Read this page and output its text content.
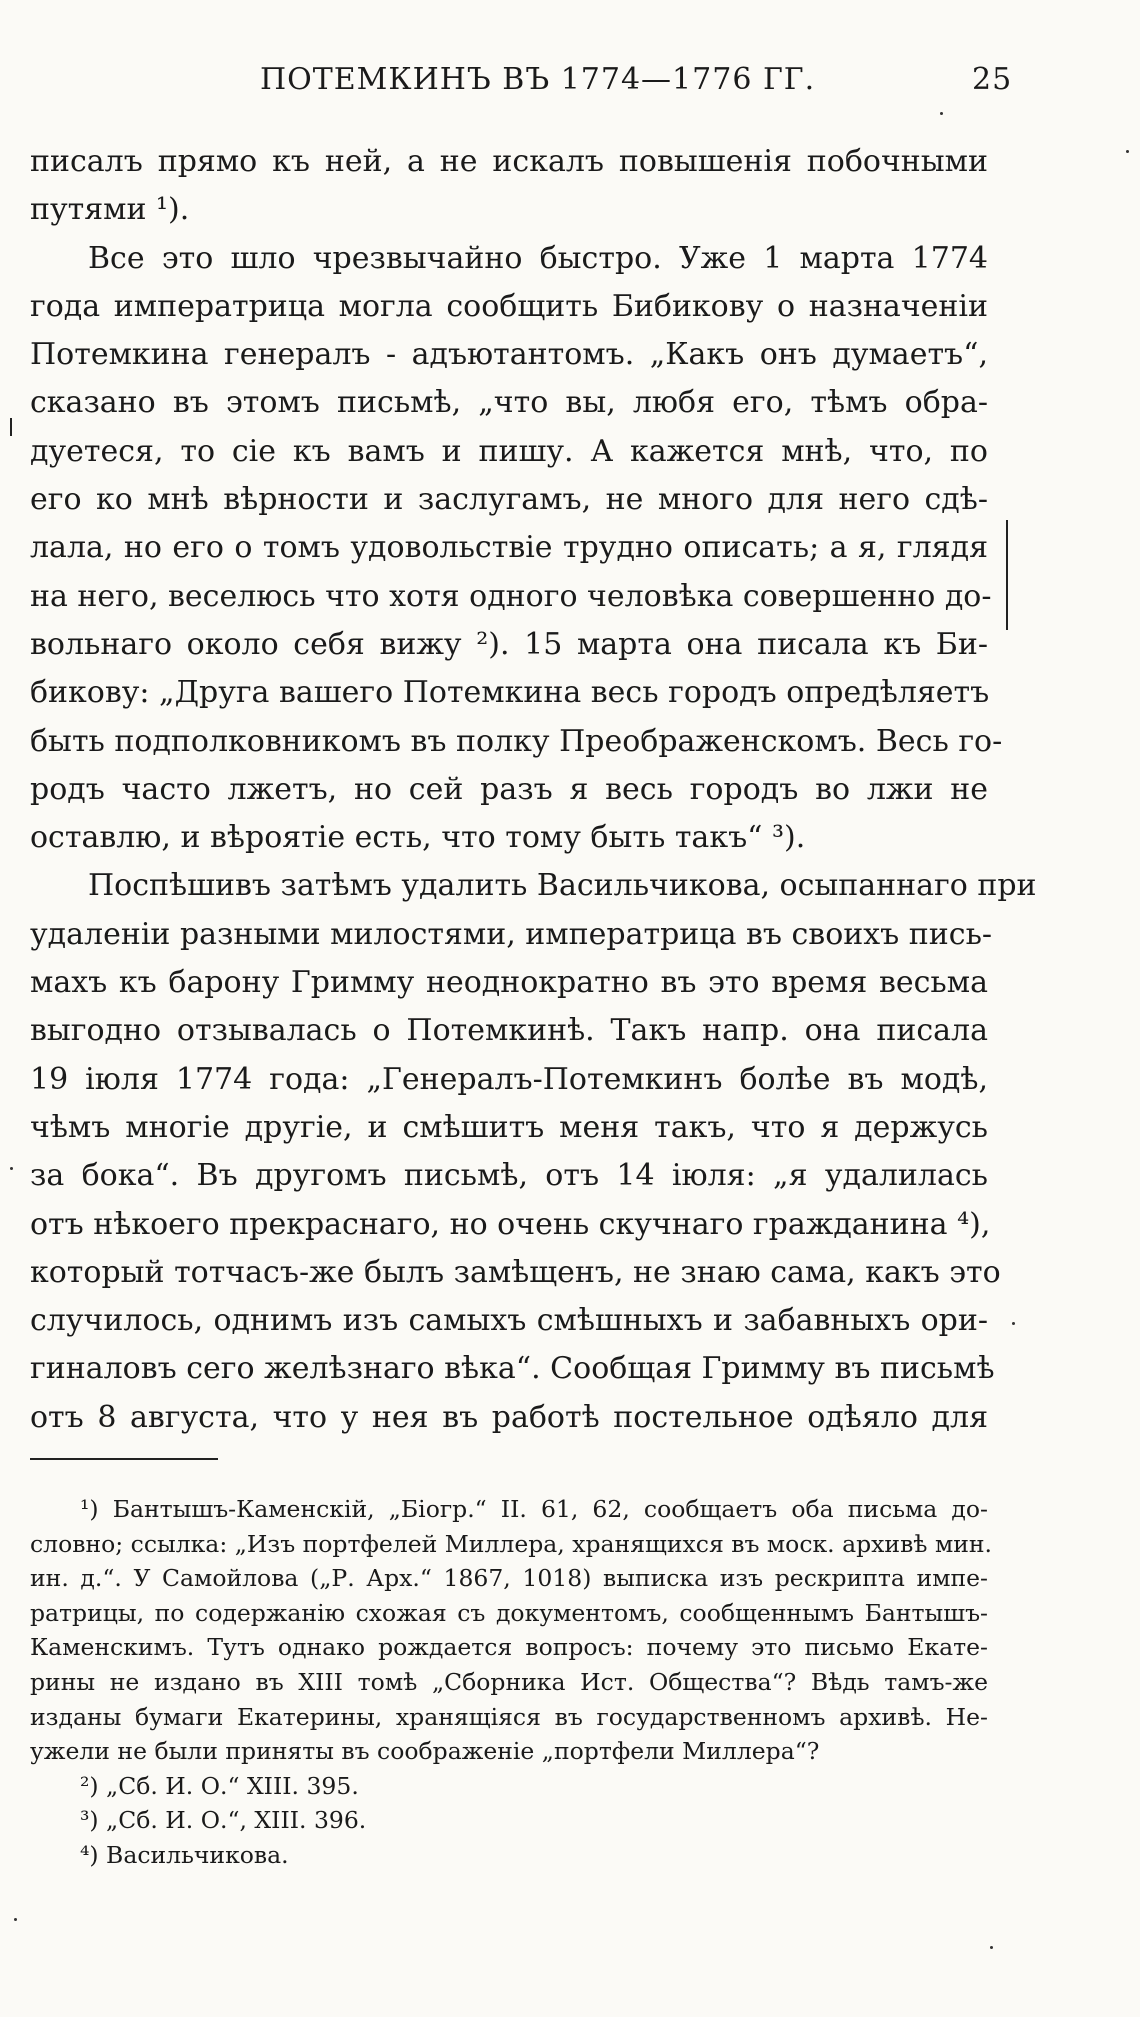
ПОТЕМКИНЪ ВЪ 1774—1776 ГГ.	25
писалъ прямо къ ней, а не искалъ повышенія побочными
путями ¹).
Все это шло чрезвычайно быстро. Уже 1 марта 1774
года императрица могла сообщить Бибикову о назначеніи
Потемкина генералъ - адъютантомъ. „Какъ онъ думаетъ“,
сказано въ этомъ письмѣ, „что вы, любя его, тѣмъ обра-
дуетеся, то сіе къ вамъ и пишу. А кажется мнѣ, что, по
его ко мнѣ вѣрности и заслугамъ, не много для него сдѣ-
лала, но его о томъ удовольствіе трудно описать; а я, глядя
на него, веселюсь что хотя одного человѣка совершенно до-
вольнаго около себя вижу ²). 15 марта она писала къ Би-
бикову: „Друга вашего Потемкина весь городъ опредѣляетъ
быть подполковникомъ въ полку Преображенскомъ. Весь го-
родъ часто лжетъ, но сей разъ я весь городъ во лжи не
оставлю, и вѣроятіе есть, что тому быть такъ“ ³).
Поспѣшивъ затѣмъ удалить Васильчикова, осыпаннаго при
удаленіи разными милостями, императрица въ своихъ пись-
махъ къ барону Гримму неоднократно въ это время весьма
выгодно отзывалась о Потемкинѣ. Такъ напр. она писала
19 іюля 1774 года: „Генералъ-Потемкинъ болѣе въ модѣ,
чѣмъ многіе другіе, и смѣшитъ меня такъ, что я держусь
за бока“. Въ другомъ письмѣ, отъ 14 іюля: „я удалилась
отъ нѣкоего прекраснаго, но очень скучнаго гражданина ⁴),
который тотчасъ-же былъ замѣщенъ, не знаю сама, какъ это
случилось, однимъ изъ самыхъ смѣшныхъ и забавныхъ ори-
гиналовъ сего желѣзнаго вѣка“. Сообщая Гримму въ письмѣ
отъ 8 августа, что у нея въ работѣ постельное одѣяло для
¹) Бантышъ-Каменскій, „Біогр.“ II. 61, 62, сообщаетъ оба письма до-
словно; ссылка: „Изъ портфелей Миллера, хранящихся въ моск. архивѣ мин.
ин. д.“. У Самойлова („Р. Арх.“ 1867, 1018) выписка изъ рескрипта импе-
ратрицы, по содержанію схожая съ документомъ, сообщеннымъ Бантышъ-
Каменскимъ. Тутъ однако рождается вопросъ: почему это письмо Екате-
рины не издано въ XIII томѣ „Сборника Ист. Общества“? Вѣдь тамъ-же
изданы бумаги Екатерины, хранящіяся въ государственномъ архивѣ. Не-
ужели не были приняты въ соображеніе „портфели Миллера“?
²) „Сб. И. О.“ XIII. 395.
³) „Сб. И. О.“, XIII. 396.
⁴) Васильчикова.
